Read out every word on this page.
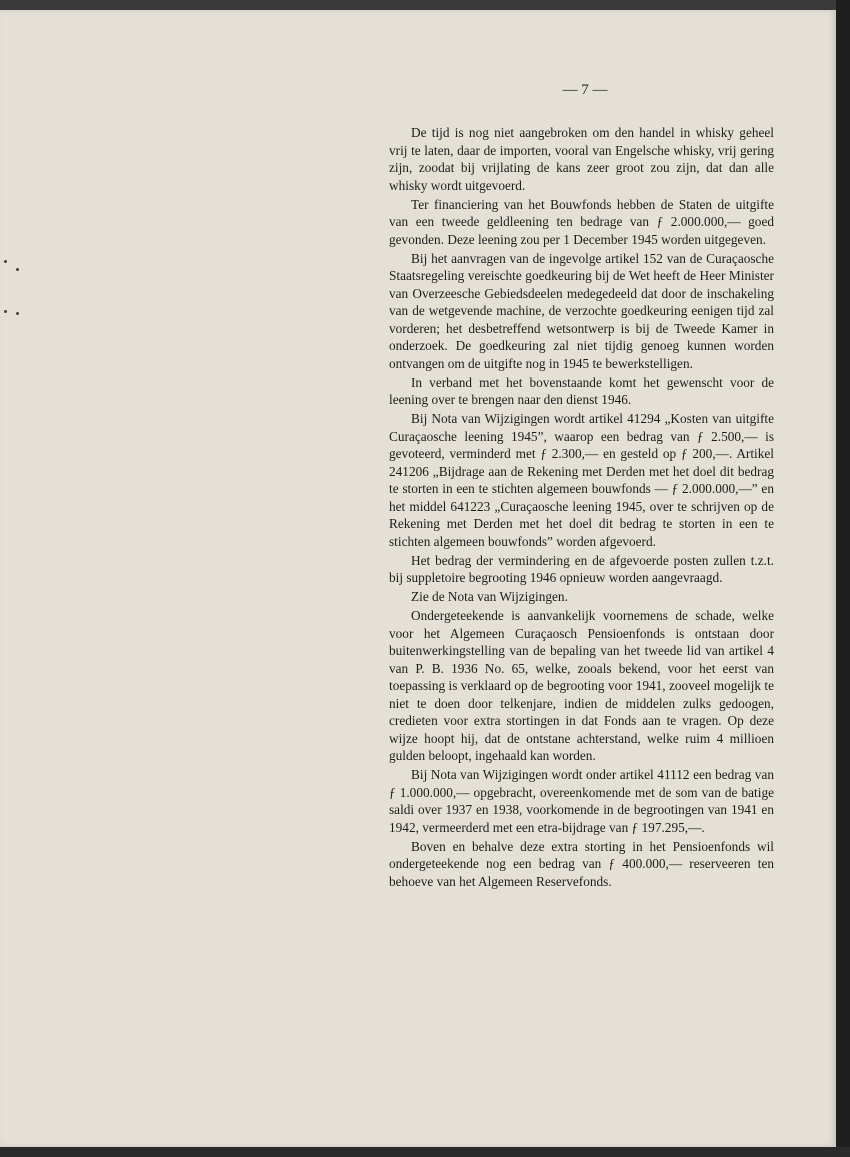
— 7 —

De tijd is nog niet aangebroken om den handel in whisky geheel vrij te laten, daar de importen, vooral van Engelsche whisky, vrij gering zijn, zoodat bij vrijlating de kans zeer groot zou zijn, dat dan alle whisky wordt uitgevoerd.

Ter financiering van het Bouwfonds hebben de Staten de uitgifte van een tweede geldleening ten bedrage van ƒ 2.000.000,— goed gevonden. Deze leening zou per 1 December 1945 worden uitgegeven.

Bij het aanvragen van de ingevolge artikel 152 van de Curaçaosche Staatsregeling vereischte goedkeuring bij de Wet heeft de Heer Minister van Overzeesche Gebiedsdeelen medegedeeld dat door de inschakeling van de wetgevende machine, de verzochte goedkeuring eenigen tijd zal vorderen; het desbetreffend wetsontwerp is bij de Tweede Kamer in onderzoek. De goedkeuring zal niet tijdig genoeg kunnen worden ontvangen om de uitgifte nog in 1945 te bewerkstelligen.

In verband met het bovenstaande komt het gewenscht voor de leening over te brengen naar den dienst 1946.

Bij Nota van Wijzigingen wordt artikel 41294 „Kosten van uitgifte Curaçaosche leening 1945”, waarop een bedrag van ƒ 2.500,— is gevoteerd, verminderd met ƒ 2.300,— en gesteld op ƒ 200,—. Artikel 241206 „Bijdrage aan de Rekening met Derden met het doel dit bedrag te storten in een te stichten algemeen bouwfonds — ƒ 2.000.000,—” en het middel 641223 „Curaçaosche leening 1945, over te schrijven op de Rekening met Derden met het doel dit bedrag te storten in een te stichten algemeen bouwfonds” worden afgevoerd.

Het bedrag der vermindering en de afgevoerde posten zullen t.z.t. bij suppletoire begrooting 1946 opnieuw worden aangevraagd.

Zie de Nota van Wijzigingen.

Ondergeteekende is aanvankelijk voornemens de schade, welke voor het Algemeen Curaçaosch Pensioenfonds is ontstaan door buitenwerkingstelling van de bepaling van het tweede lid van artikel 4 van P. B. 1936 No. 65, welke, zooals bekend, voor het eerst van toepassing is verklaard op de begrooting voor 1941, zooveel mogelijk te niet te doen door telkenjare, indien de middelen zulks gedoogen, credieten voor extra stortingen in dat Fonds aan te vragen. Op deze wijze hoopt hij, dat de ontstane achterstand, welke ruim 4 millioen gulden beloopt, ingehaald kan worden.

Bij Nota van Wijzigingen wordt onder artikel 41112 een bedrag van ƒ 1.000.000,— opgebracht, overeenkomende met de som van de batige saldi over 1937 en 1938, voorkomende in de begrootingen van 1941 en 1942, vermeerderd met een etra-bijdrage van ƒ 197.295,—.

Boven en behalve deze extra storting in het Pensioenfonds wil ondergeteekende nog een bedrag van ƒ 400.000,— reserveeren ten behoeve van het Algemeen Reservefonds.
